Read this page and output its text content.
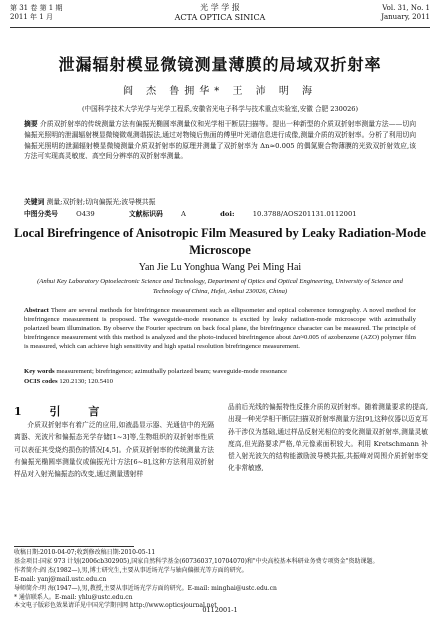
第 31 卷 第 1 期
2011 年 1 月
光 学 学 报
ACTA OPTICA SINICA
Vol. 31, No. 1
January, 2011
泄漏辐射模显微镜测量薄膜的局域双折射率
阎 杰 鲁拥华* 王 沛 明 海
(中国科学技术大学光学与光学工程系,安徽省光电子科学与技术重点实验室,安徽 合肥 230026)
摘要 介质双折射率的传统测量方法有偏振光椭圆率测量仪和光学相干断层扫描等。提出一种新型的介质双折射率测量方法——切向偏振光照明的泄漏辐射模显微镜微观测谐振法,通过对物镜后焦面的傅里叶光谱信息进行成像,测量介质的双折射率。分析了利用切向偏振光照明的泄漏辐射模显微镜测量介质双折射率的原理并测量了双折射率为 Δn≈0.005 的偶氮聚合物薄膜的光致双折射效应,该方法可实现高灵敏度、高空间分辨率的双折射率测量。
关键词 测量;双折射;切向偏振光;波导模共振
中图分类号	O439	文献标识码	A	doi:	10.3788/AOS201131.0112001
Local Birefringence of Anisotropic Film Measured by Leaky Radiation-Mode Microscope
Yan Jie Lu Yonghua Wang Pei Ming Hai
(Anhui Key Laboratory Optoelectronic Science and Technology, Department of Optics and Optical Engineering, University of Science and Technology of China, Hefei, Anhui 230026, China)
Abstract There are several methods for birefringence measurement such as ellipsometer and optical coherence tomography. A novel method for birefringence measurement is proposed. The waveguide-mode resonance is excited by leaky radiation-mode microscope with azimuthally polarized beam illumination. By observe the Fourier spectrum on back focal plane, the birefringence character can be measured. The principle of birefringence measurement with this method is analyzed and the photo-induced birefringence about Δn≈0.005 of azobenzene (AZO) polymer film is measured, which can achieve high sensitivity and high spatial resolution birefringence measurement.
Key words measurement; birefringence; azimuthally polarized beam; waveguide-mode resonance
OCIS codes 120.2130; 120.5410
1 引 言

介质双折射率有着广泛的应用,如液晶显示器、光通信中的光隔离器、光波片和偏振态光学存储[1~3]等,生物组织的双折射率性质可以表征其受烧灼损伤的情况[4,5]。介质双折射率的传统测量方法有偏振光椭圆率测量仪或偏振光计方法[6~8],这种方法利用双折射样品对入射光偏振态的改变,通过测量透射样

品前后光线的偏振特性反推介质的双折射率。随着测量要求的提高,出现一种光学相干断层扫描双折射率测量方法[9],这种仪器以迈克耳孙干涉仪为基础,通过样品反射光相位的变化测量双折射率,测量灵敏度高,但光路要求严格,单元像素面积较大。利用 Kretschmann 补偿入射光波矢的结构能激励波导模共振,共振峰对周围介质折射率变化非常敏感,

收稿日期:2010-04-07;收到修改稿日期:2010-05-11
基金项目:国家 973 计划(2006cb302905),国家自然科学基金(60736037,10704070)和"中央高校基本科研业务费专项资金"资助课题。
作者简介:阎 杰(1982—),男,博士研究生,主要从事近场光学与轴向偏振光等方面的研究。
E-mail: yanj@mail.ustc.edu.cn
导师简介:明 海(1947—),男,教授,主要从事近场光学方面的研究。E-mail: minghai@ustc.edu.cn
* 通信联系人。E-mail: yhlu@ustc.edu.cn
本文电子版彩色效果请详见中国光学期刊网 http://www.opticsjournal.net
0112001-1
